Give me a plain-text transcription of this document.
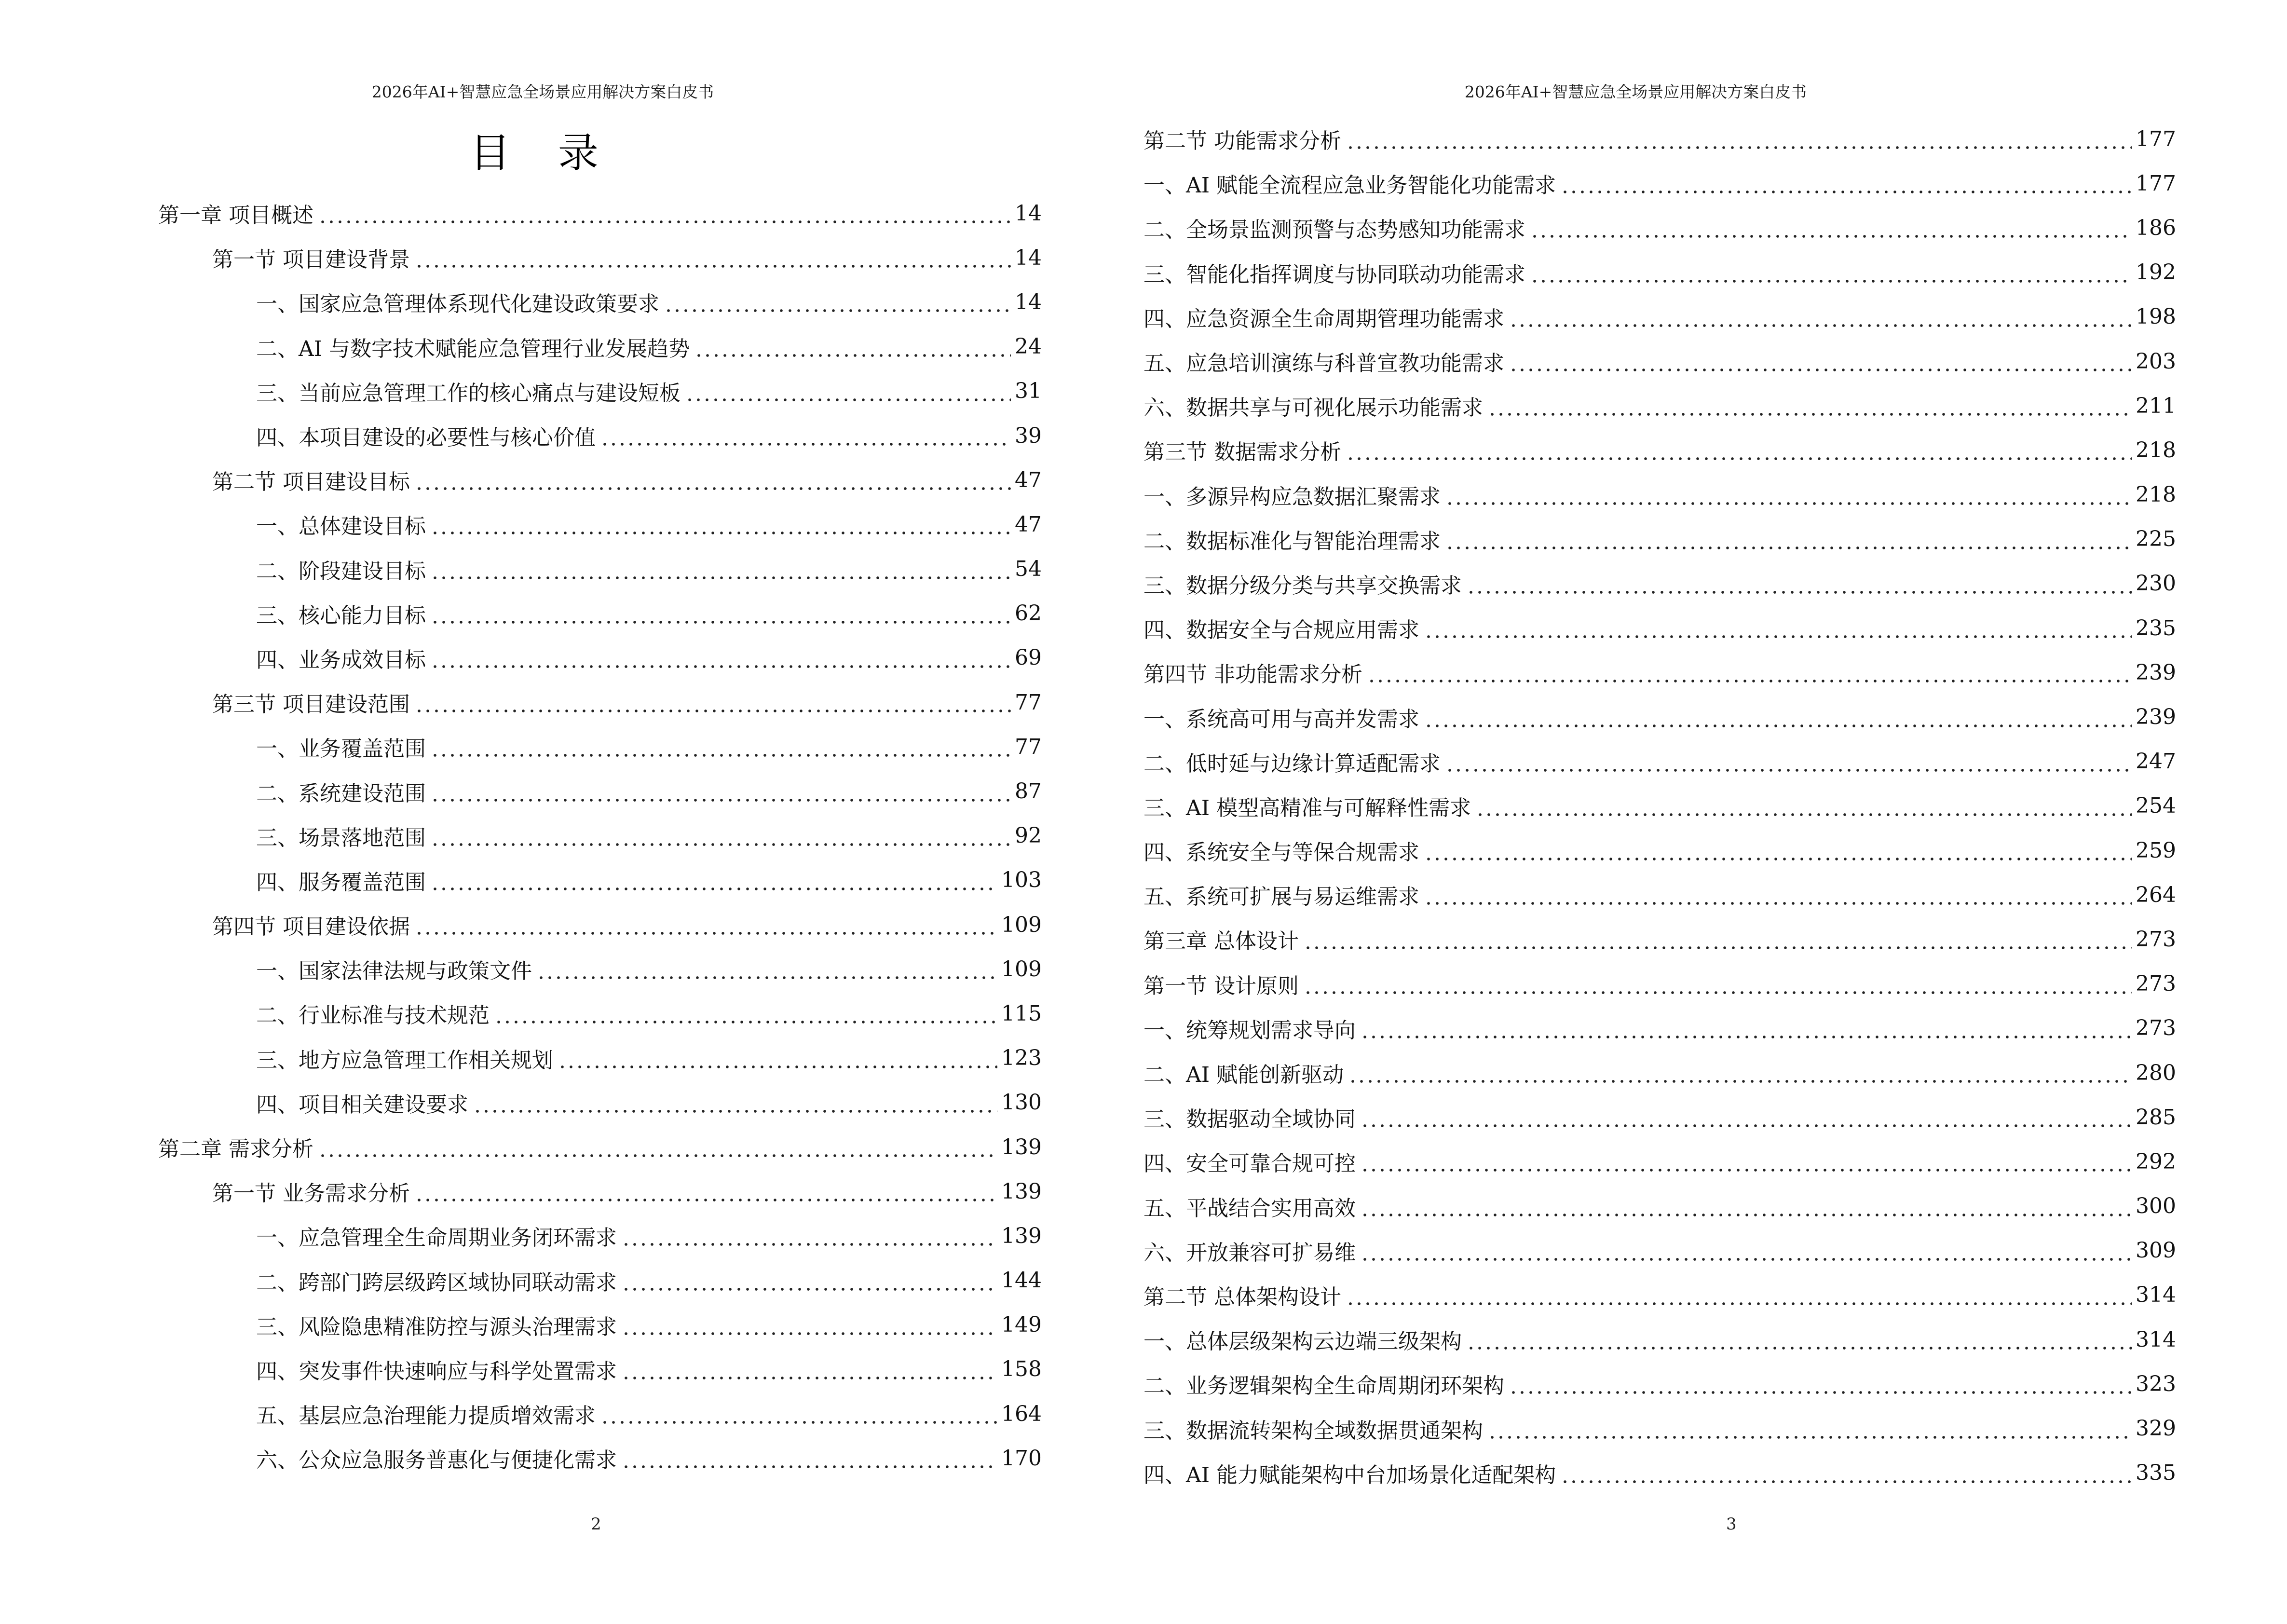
2026年AI+智慧应急全场景应用解决方案白皮书
目 录
第一章 项目概述	14
第一节 项目建设背景	14
一、国家应急管理体系现代化建设政策要求	14
二、AI 与数字技术赋能应急管理行业发展趋势	24
三、当前应急管理工作的核心痛点与建设短板	31
四、本项目建设的必要性与核心价值	39
第二节 项目建设目标	47
一、总体建设目标	47
二、阶段建设目标	54
三、核心能力目标	62
四、业务成效目标	69
第三节 项目建设范围	77
一、业务覆盖范围	77
二、系统建设范围	87
三、场景落地范围	92
四、服务覆盖范围	103
第四节 项目建设依据	109
一、国家法律法规与政策文件	109
二、行业标准与技术规范	115
三、地方应急管理工作相关规划	123
四、项目相关建设要求	130
第二章 需求分析	139
第一节 业务需求分析	139
一、应急管理全生命周期业务闭环需求	139
二、跨部门跨层级跨区域协同联动需求	144
三、风险隐患精准防控与源头治理需求	149
四、突发事件快速响应与科学处置需求	158
五、基层应急治理能力提质增效需求	164
六、公众应急服务普惠化与便捷化需求	170
2
2026年AI+智慧应急全场景应用解决方案白皮书
3
第二节 功能需求分析	177
一、AI 赋能全流程应急业务智能化功能需求	177
二、全场景监测预警与态势感知功能需求	186
三、智能化指挥调度与协同联动功能需求	192
四、应急资源全生命周期管理功能需求	198
五、应急培训演练与科普宣教功能需求	203
六、数据共享与可视化展示功能需求	211
第三节 数据需求分析	218
一、多源异构应急数据汇聚需求	218
二、数据标准化与智能治理需求	225
三、数据分级分类与共享交换需求	230
四、数据安全与合规应用需求	235
第四节 非功能需求分析	239
一、系统高可用与高并发需求	239
二、低时延与边缘计算适配需求	247
三、AI 模型高精准与可解释性需求	254
四、系统安全与等保合规需求	259
五、系统可扩展与易运维需求	264
第三章 总体设计	273
第一节 设计原则	273
一、统筹规划需求导向	273
二、AI 赋能创新驱动	280
三、数据驱动全域协同	285
四、安全可靠合规可控	292
五、平战结合实用高效	300
六、开放兼容可扩易维	309
第二节 总体架构设计	314
一、总体层级架构云边端三级架构	314
二、业务逻辑架构全生命周期闭环架构	323
三、数据流转架构全域数据贯通架构	329
四、AI 能力赋能架构中台加场景化适配架构	335
